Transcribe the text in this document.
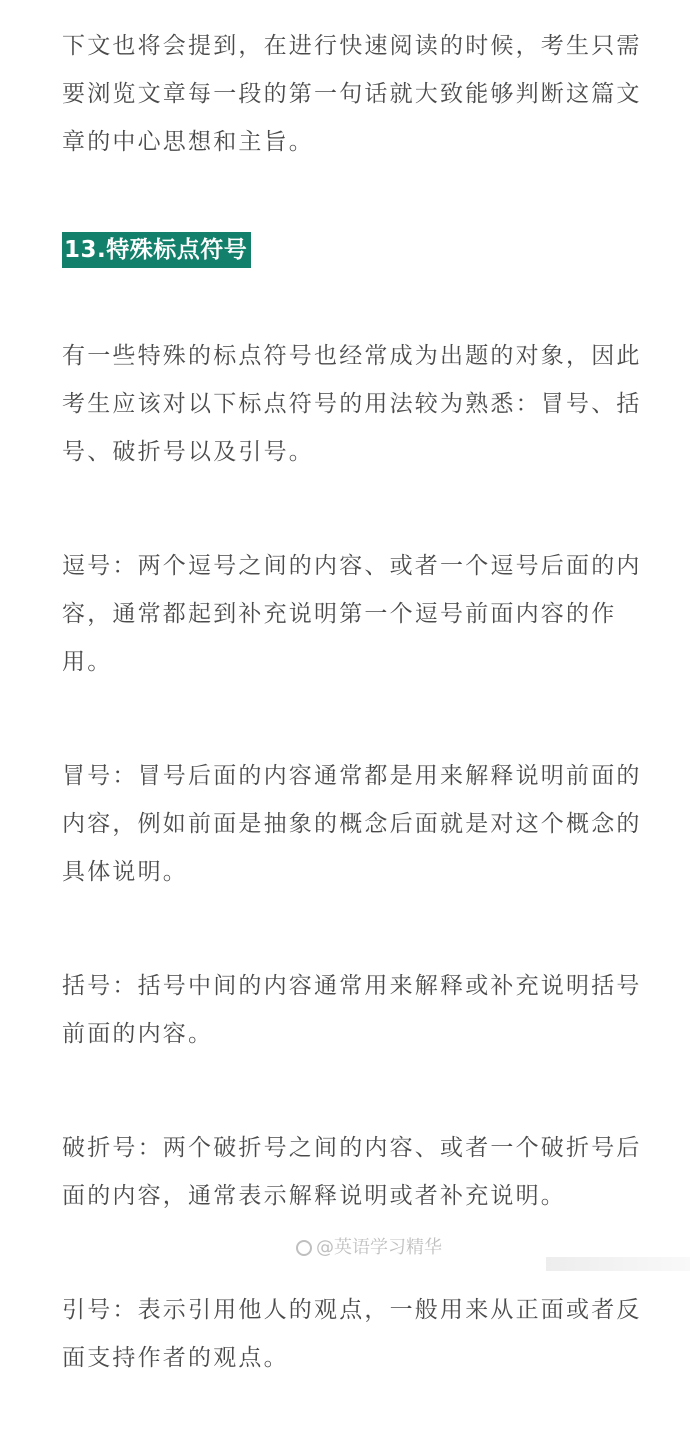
下文也将会提到，在进行快速阅读的时候，考生只需要浏览文章每一段的第一句话就大致能够判断这篇文章的中心思想和主旨。

13.特殊标点符号

有一些特殊的标点符号也经常成为出题的对象，因此考生应该对以下标点符号的用法较为熟悉：冒号、括号、破折号以及引号。

逗号：两个逗号之间的内容、或者一个逗号后面的内容，通常都起到补充说明第一个逗号前面内容的作用。

冒号：冒号后面的内容通常都是用来解释说明前面的内容，例如前面是抽象的概念后面就是对这个概念的具体说明。

括号：括号中间的内容通常用来解释或补充说明括号前面的内容。

破折号：两个破折号之间的内容、或者一个破折号后面的内容，通常表示解释说明或者补充说明。

引号：表示引用他人的观点，一般用来从正面或者反面支持作者的观点。

@英语学习精华
